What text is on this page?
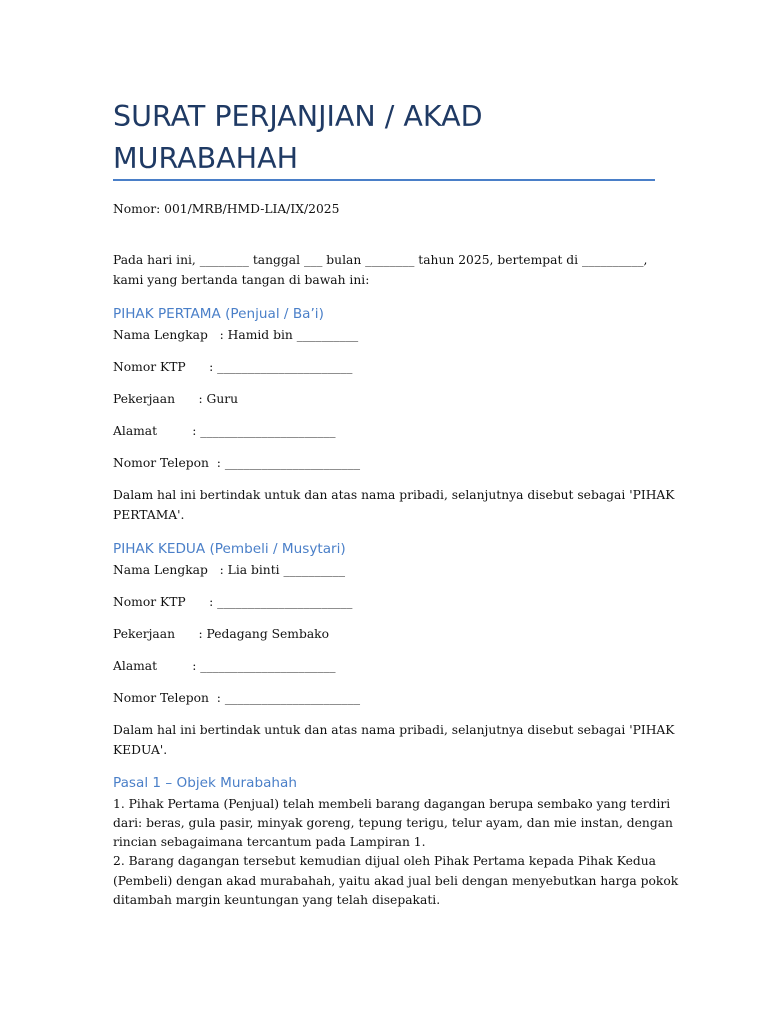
SURAT PERJANJIAN / AKAD
MURABAHAH
Nomor: 001/MRB/HMD-LIA/IX/2025
Pada hari ini, ________ tanggal ___ bulan ________ tahun 2025, bertempat di __________,
kami yang bertanda tangan di bawah ini:
PIHAK PERTAMA (Penjual / Ba’i)
Nama Lengkap   : Hamid bin __________
Nomor KTP      : ______________________
Pekerjaan      : Guru
Alamat         : ______________________
Nomor Telepon  : ______________________
Dalam hal ini bertindak untuk dan atas nama pribadi, selanjutnya disebut sebagai 'PIHAK
PERTAMA'.
PIHAK KEDUA (Pembeli / Musytari)
Nama Lengkap   : Lia binti __________
Nomor KTP      : ______________________
Pekerjaan      : Pedagang Sembako
Alamat         : ______________________
Nomor Telepon  : ______________________
Dalam hal ini bertindak untuk dan atas nama pribadi, selanjutnya disebut sebagai 'PIHAK
KEDUA'.
Pasal 1 – Objek Murabahah
1. Pihak Pertama (Penjual) telah membeli barang dagangan berupa sembako yang terdiri
dari: beras, gula pasir, minyak goreng, tepung terigu, telur ayam, dan mie instan, dengan
rincian sebagaimana tercantum pada Lampiran 1.
2. Barang dagangan tersebut kemudian dijual oleh Pihak Pertama kepada Pihak Kedua
(Pembeli) dengan akad murabahah, yaitu akad jual beli dengan menyebutkan harga pokok
ditambah margin keuntungan yang telah disepakati.
